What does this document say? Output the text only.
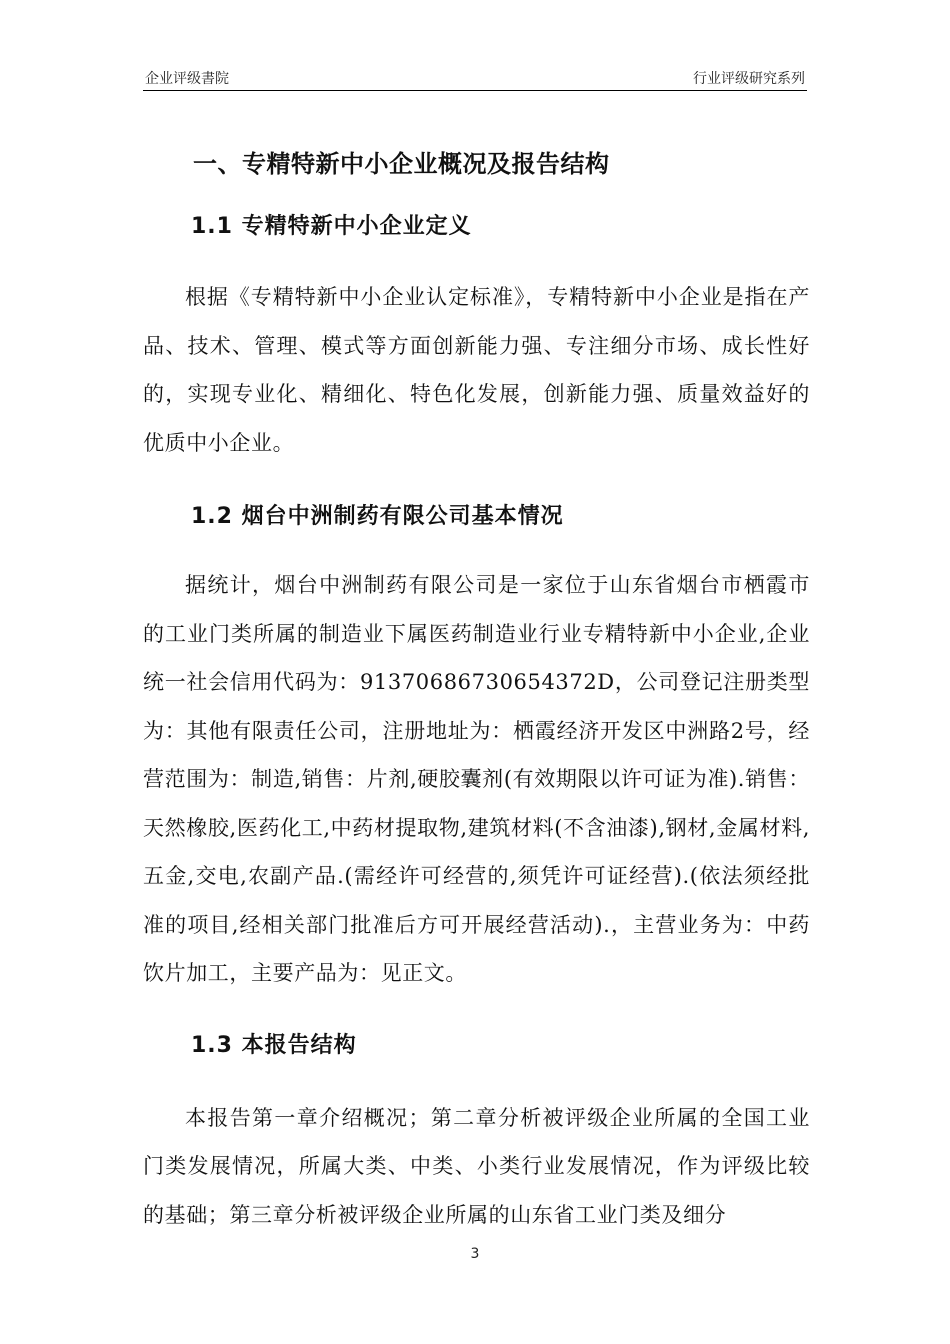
企业评级書院	行业评级研究系列
一、专精特新中小企业概况及报告结构
1.1 专精特新中小企业定义

根据《专精特新中小企业认定标准》，专精特新中小企业是指在产品、技术、管理、模式等方面创新能力强、专注细分市场、成长性好的，实现专业化、精细化、特色化发展，创新能力强、质量效益好的优质中小企业。

1.2 烟台中洲制药有限公司基本情况

据统计，烟台中洲制药有限公司是一家位于山东省烟台市栖霞市的工业门类所属的制造业下属医药制造业行业专精特新中小企业,企业统一社会信用代码为：91370686730654372D，公司登记注册类型为：其他有限责任公司，注册地址为：栖霞经济开发区中洲路2号，经营范围为：制造,销售：片剂,硬胶囊剂(有效期限以许可证为准).销售：天然橡胶,医药化工,中药材提取物,建筑材料(不含油漆),钢材,金属材料,五金,交电,农副产品.(需经许可经营的,须凭许可证经营).(依法须经批准的项目,经相关部门批准后方可开展经营活动).，主营业务为：中药饮片加工，主要产品为：见正文。

1.3 本报告结构

本报告第一章介绍概况；第二章分析被评级企业所属的全国工业门类发展情况，所属大类、中类、小类行业发展情况，作为评级比较的基础；第三章分析被评级企业所属的山东省工业门类及细分

3
